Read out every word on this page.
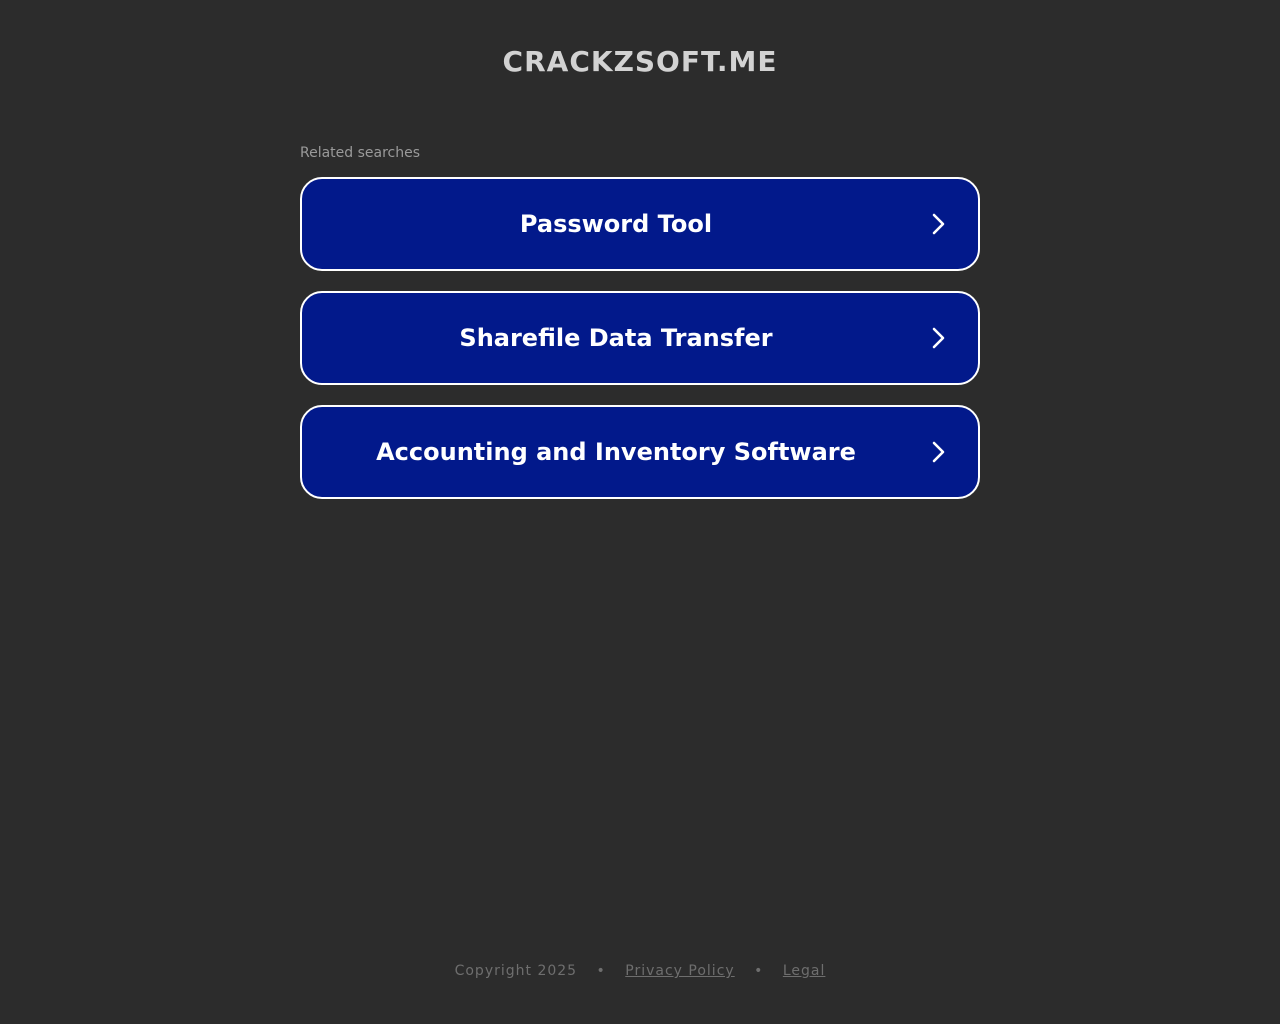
CRACKZSOFT.ME
Related searches
Password Tool
Sharefile Data Transfer
Accounting and Inventory Software
Copyright 2025 • Privacy Policy • Legal
